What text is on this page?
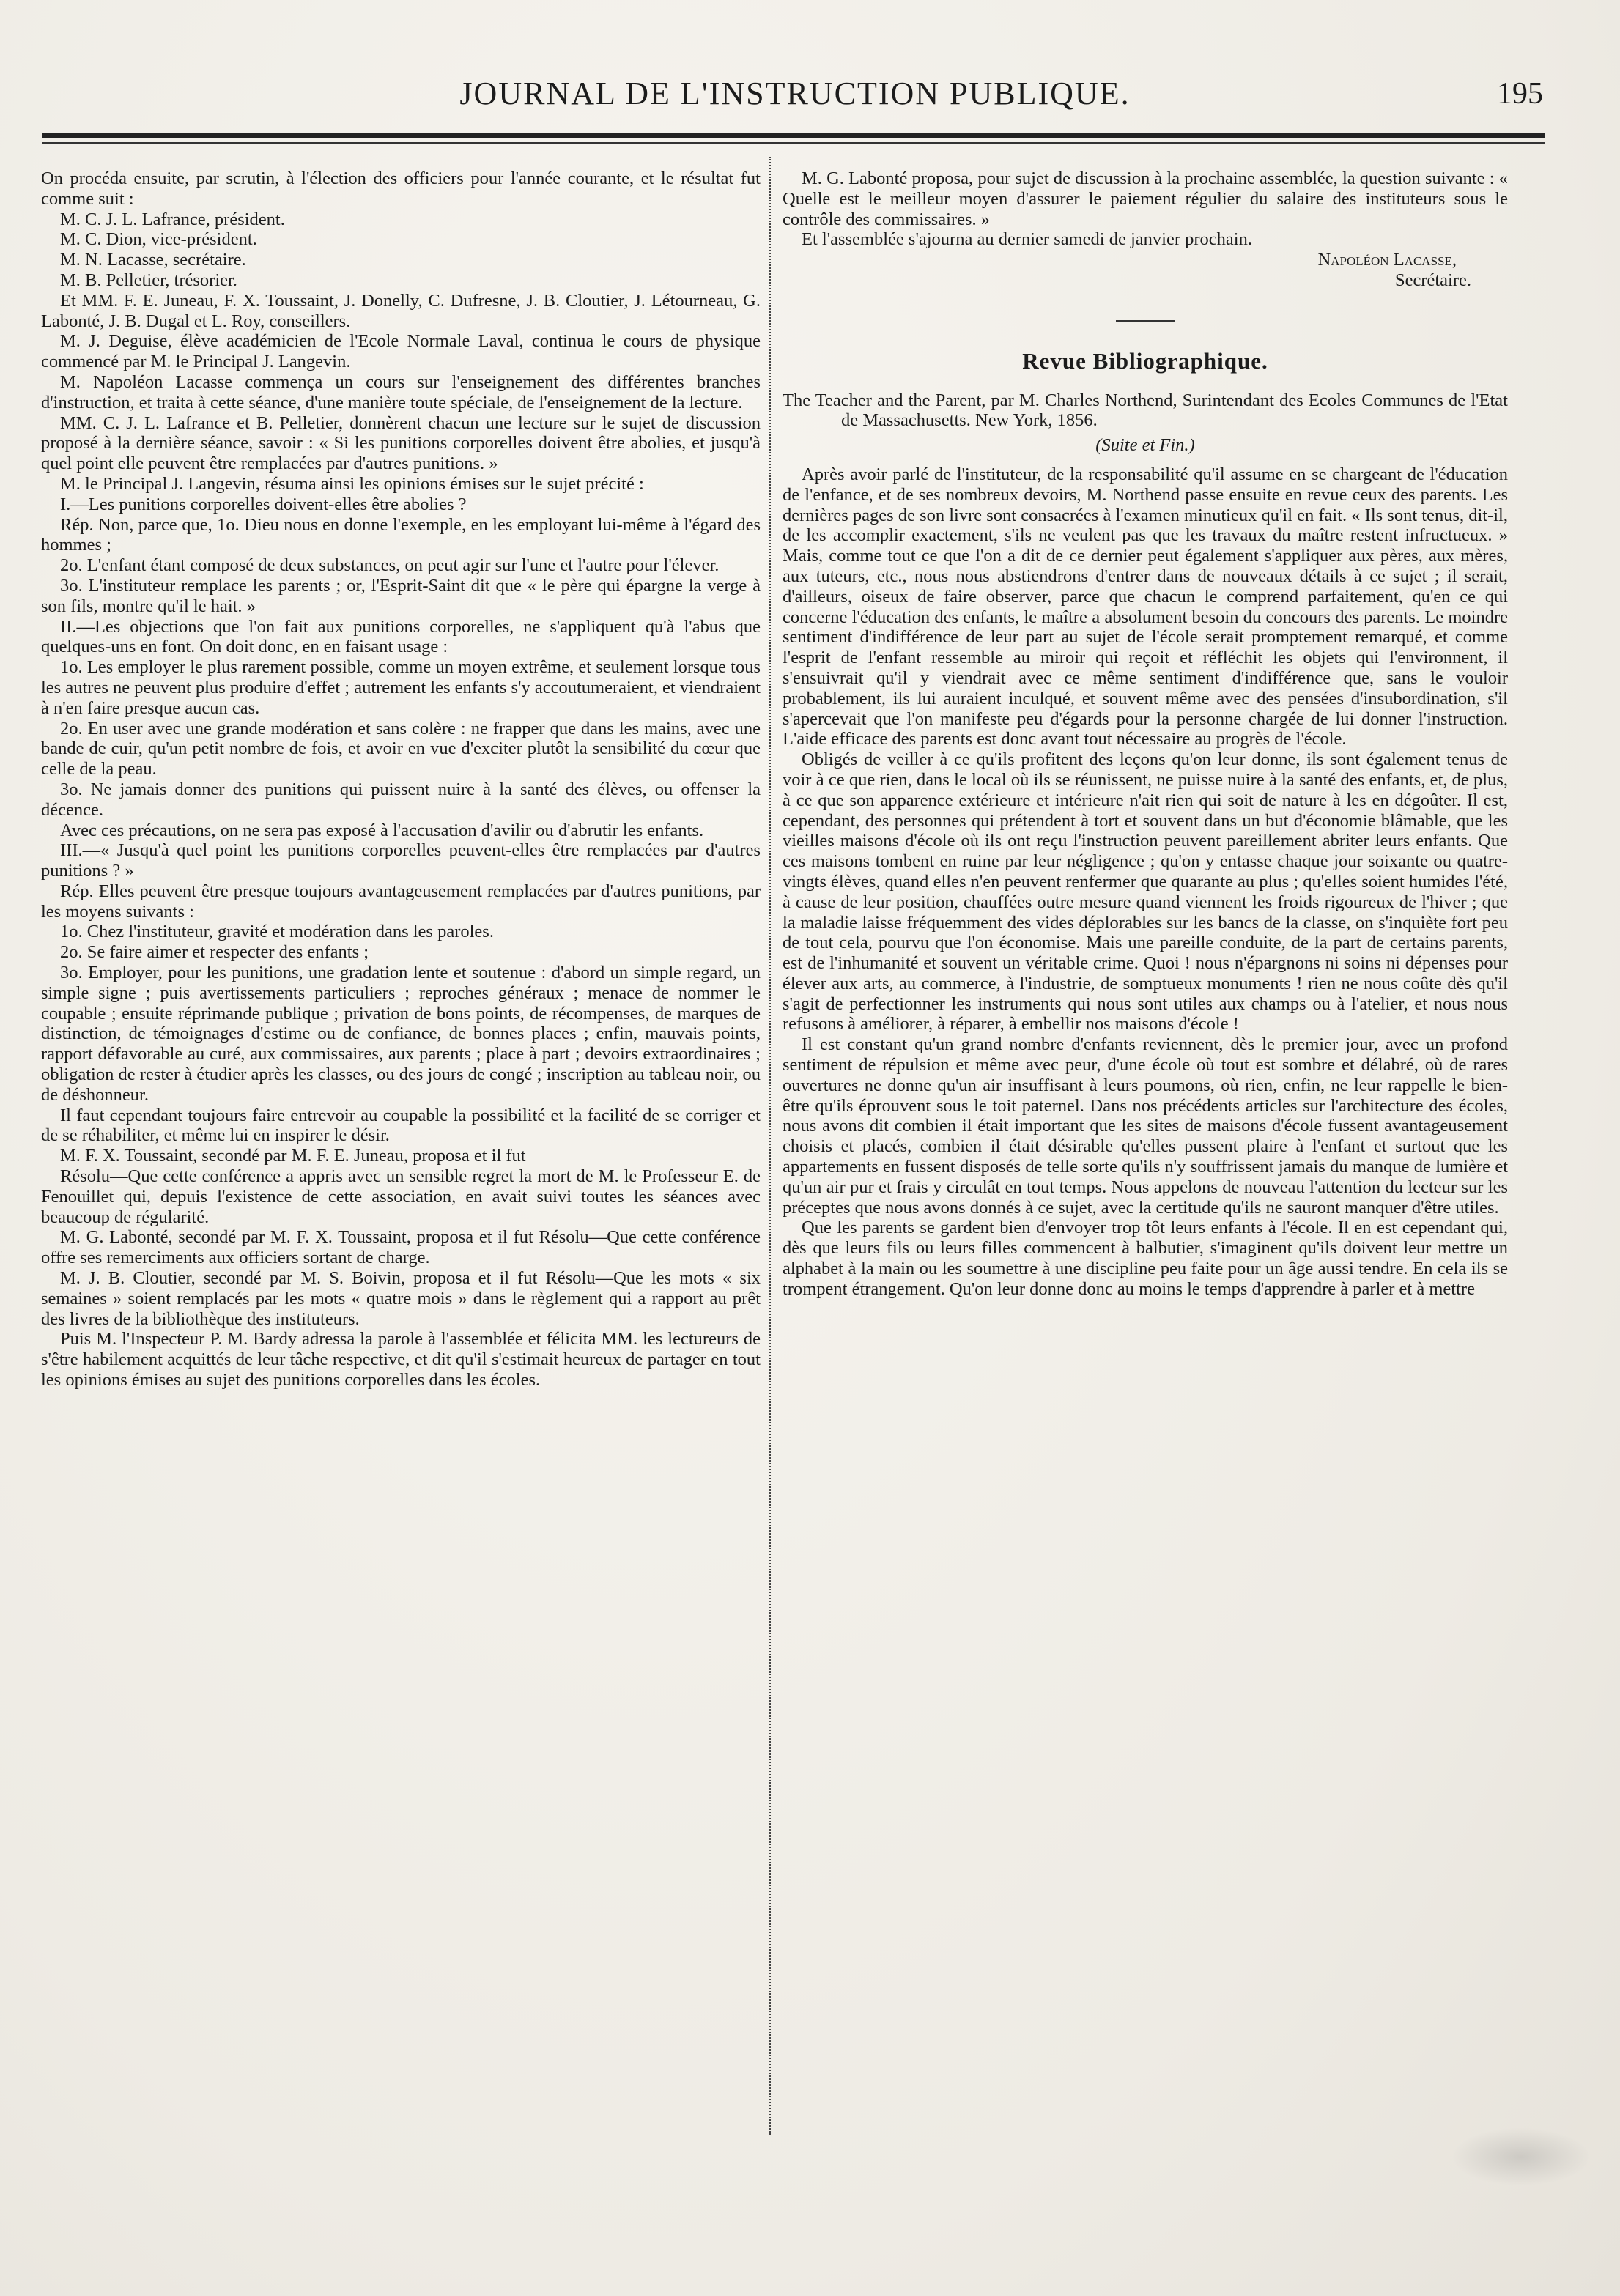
JOURNAL DE L'INSTRUCTION PUBLIQUE.	195

On procéda ensuite, par scrutin, à l'élection des officiers pour l'année courante, et le résultat fut comme suit :

M. C. J. L. Lafrance, président.

M. C. Dion, vice-président.

M. N. Lacasse, secrétaire.

M. B. Pelletier, trésorier.

Et MM. F. E. Juneau, F. X. Toussaint, J. Donelly, C. Dufresne, J. B. Cloutier, J. Létourneau, G. Labonté, J. B. Dugal et L. Roy, conseillers.

M. J. Deguise, élève académicien de l'Ecole Normale Laval, continua le cours de physique commencé par M. le Principal J. Langevin.

M. Napoléon Lacasse commença un cours sur l'enseignement des différentes branches d'instruction, et traita à cette séance, d'une manière toute spéciale, de l'enseignement de la lecture.

MM. C. J. L. Lafrance et B. Pelletier, donnèrent chacun une lecture sur le sujet de discussion proposé à la dernière séance, savoir : « Si les punitions corporelles doivent être abolies, et jusqu'à quel point elle peuvent être remplacées par d'autres punitions. »

M. le Principal J. Langevin, résuma ainsi les opinions émises sur le sujet précité :

I.—Les punitions corporelles doivent-elles être abolies ?

Rép. Non, parce que, 1o. Dieu nous en donne l'exemple, en les employant lui-même à l'égard des hommes ;

2o. L'enfant étant composé de deux substances, on peut agir sur l'une et l'autre pour l'élever.

3o. L'instituteur remplace les parents ; or, l'Esprit-Saint dit que « le père qui épargne la verge à son fils, montre qu'il le hait. »

II.—Les objections que l'on fait aux punitions corporelles, ne s'appliquent qu'à l'abus que quelques-uns en font. On doit donc, en en faisant usage :

1o. Les employer le plus rarement possible, comme un moyen extrême, et seulement lorsque tous les autres ne peuvent plus produire d'effet ; autrement les enfants s'y accoutumeraient, et viendraient à n'en faire presque aucun cas.

2o. En user avec une grande modération et sans colère : ne frapper que dans les mains, avec une bande de cuir, qu'un petit nombre de fois, et avoir en vue d'exciter plutôt la sensibilité du cœur que celle de la peau.

3o. Ne jamais donner des punitions qui puissent nuire à la santé des élèves, ou offenser la décence.

Avec ces précautions, on ne sera pas exposé à l'accusation d'avilir ou d'abrutir les enfants.

III.—« Jusqu'à quel point les punitions corporelles peuvent-elles être remplacées par d'autres punitions ? »

Rép. Elles peuvent être presque toujours avantageusement remplacées par d'autres punitions, par les moyens suivants :

1o. Chez l'instituteur, gravité et modération dans les paroles.

2o. Se faire aimer et respecter des enfants ;

3o. Employer, pour les punitions, une gradation lente et soutenue : d'abord un simple regard, un simple signe ; puis avertissements particuliers ; reproches généraux ; menace de nommer le coupable ; ensuite réprimande publique ; privation de bons points, de récompenses, de marques de distinction, de témoignages d'estime ou de confiance, de bonnes places ; enfin, mauvais points, rapport défavorable au curé, aux commissaires, aux parents ; place à part ; devoirs extraordinaires ; obligation de rester à étudier après les classes, ou des jours de congé ; inscription au tableau noir, ou de déshonneur.

Il faut cependant toujours faire entrevoir au coupable la possibilité et la facilité de se corriger et de se réhabiliter, et même lui en inspirer le désir.

M. F. X. Toussaint, secondé par M. F. E. Juneau, proposa et il fut

Résolu—Que cette conférence a appris avec un sensible regret la mort de M. le Professeur E. de Fenouillet qui, depuis l'existence de cette association, en avait suivi toutes les séances avec beaucoup de régularité.

M. G. Labonté, secondé par M. F. X. Toussaint, proposa et il fut Résolu—Que cette conférence offre ses remerciments aux officiers sortant de charge.

M. J. B. Cloutier, secondé par M. S. Boivin, proposa et il fut Résolu—Que les mots « six semaines » soient remplacés par les mots « quatre mois » dans le règlement qui a rapport au prêt des livres de la bibliothèque des instituteurs.

Puis M. l'Inspecteur P. M. Bardy adressa la parole à l'assemblée et félicita MM. les lectureurs de s'être habilement acquittés de leur tâche respective, et dit qu'il s'estimait heureux de partager en tout les opinions émises au sujet des punitions corporelles dans les écoles.

M. G. Labonté proposa, pour sujet de discussion à la prochaine assemblée, la question suivante : « Quelle est le meilleur moyen d'assurer le paiement régulier du salaire des instituteurs sous le contrôle des commissaires. »

Et l'assemblée s'ajourna au dernier samedi de janvier prochain.

Napoléon Lacasse,

Secrétaire.

Revue Bibliographique.

The Teacher and the Parent, par M. Charles Northend, Surintendant des Ecoles Communes de l'Etat de Massachusetts. New York, 1856.

(Suite et Fin.)

Après avoir parlé de l'instituteur, de la responsabilité qu'il assume en se chargeant de l'éducation de l'enfance, et de ses nombreux devoirs, M. Northend passe ensuite en revue ceux des parents. Les dernières pages de son livre sont consacrées à l'examen minutieux qu'il en fait. « Ils sont tenus, dit-il, de les accomplir exactement, s'ils ne veulent pas que les travaux du maître restent infructueux. » Mais, comme tout ce que l'on a dit de ce dernier peut également s'appliquer aux pères, aux mères, aux tuteurs, etc., nous nous abstiendrons d'entrer dans de nouveaux détails à ce sujet ; il serait, d'ailleurs, oiseux de faire observer, parce que chacun le comprend parfaitement, qu'en ce qui concerne l'éducation des enfants, le maître a absolument besoin du concours des parents. Le moindre sentiment d'indifférence de leur part au sujet de l'école serait promptement remarqué, et comme l'esprit de l'enfant ressemble au miroir qui reçoit et réfléchit les objets qui l'environnent, il s'ensuivrait qu'il y viendrait avec ce même sentiment d'indifférence que, sans le vouloir probablement, ils lui auraient inculqué, et souvent même avec des pensées d'insubordination, s'il s'apercevait que l'on manifeste peu d'égards pour la personne chargée de lui donner l'instruction. L'aide efficace des parents est donc avant tout nécessaire au progrès de l'école.

Obligés de veiller à ce qu'ils profitent des leçons qu'on leur donne, ils sont également tenus de voir à ce que rien, dans le local où ils se réunissent, ne puisse nuire à la santé des enfants, et, de plus, à ce que son apparence extérieure et intérieure n'ait rien qui soit de nature à les en dégoûter. Il est, cependant, des personnes qui prétendent à tort et souvent dans un but d'économie blâmable, que les vieilles maisons d'école où ils ont reçu l'instruction peuvent pareillement abriter leurs enfants. Que ces maisons tombent en ruine par leur négligence ; qu'on y entasse chaque jour soixante ou quatre-vingts élèves, quand elles n'en peuvent renfermer que quarante au plus ; qu'elles soient humides l'été, à cause de leur position, chauffées outre mesure quand viennent les froids rigoureux de l'hiver ; que la maladie laisse fréquemment des vides déplorables sur les bancs de la classe, on s'inquiète fort peu de tout cela, pourvu que l'on économise. Mais une pareille conduite, de la part de certains parents, est de l'inhumanité et souvent un véritable crime. Quoi ! nous n'épargnons ni soins ni dépenses pour élever aux arts, au commerce, à l'industrie, de somptueux monuments ! rien ne nous coûte dès qu'il s'agit de perfectionner les instruments qui nous sont utiles aux champs ou à l'atelier, et nous nous refusons à améliorer, à réparer, à embellir nos maisons d'école !

Il est constant qu'un grand nombre d'enfants reviennent, dès le premier jour, avec un profond sentiment de répulsion et même avec peur, d'une école où tout est sombre et délabré, où de rares ouvertures ne donne qu'un air insuffisant à leurs poumons, où rien, enfin, ne leur rappelle le bien-être qu'ils éprouvent sous le toit paternel. Dans nos précédents articles sur l'architecture des écoles, nous avons dit combien il était important que les sites de maisons d'école fussent avantageusement choisis et placés, combien il était désirable qu'elles pussent plaire à l'enfant et surtout que les appartements en fussent disposés de telle sorte qu'ils n'y souffrissent jamais du manque de lumière et qu'un air pur et frais y circulât en tout temps. Nous appelons de nouveau l'attention du lecteur sur les préceptes que nous avons donnés à ce sujet, avec la certitude qu'ils ne sauront manquer d'être utiles.

Que les parents se gardent bien d'envoyer trop tôt leurs enfants à l'école. Il en est cependant qui, dès que leurs fils ou leurs filles commencent à balbutier, s'imaginent qu'ils doivent leur mettre un alphabet à la main ou les soumettre à une discipline peu faite pour un âge aussi tendre. En cela ils se trompent étrangement. Qu'on leur donne donc au moins le temps d'apprendre à parler et à mettre
